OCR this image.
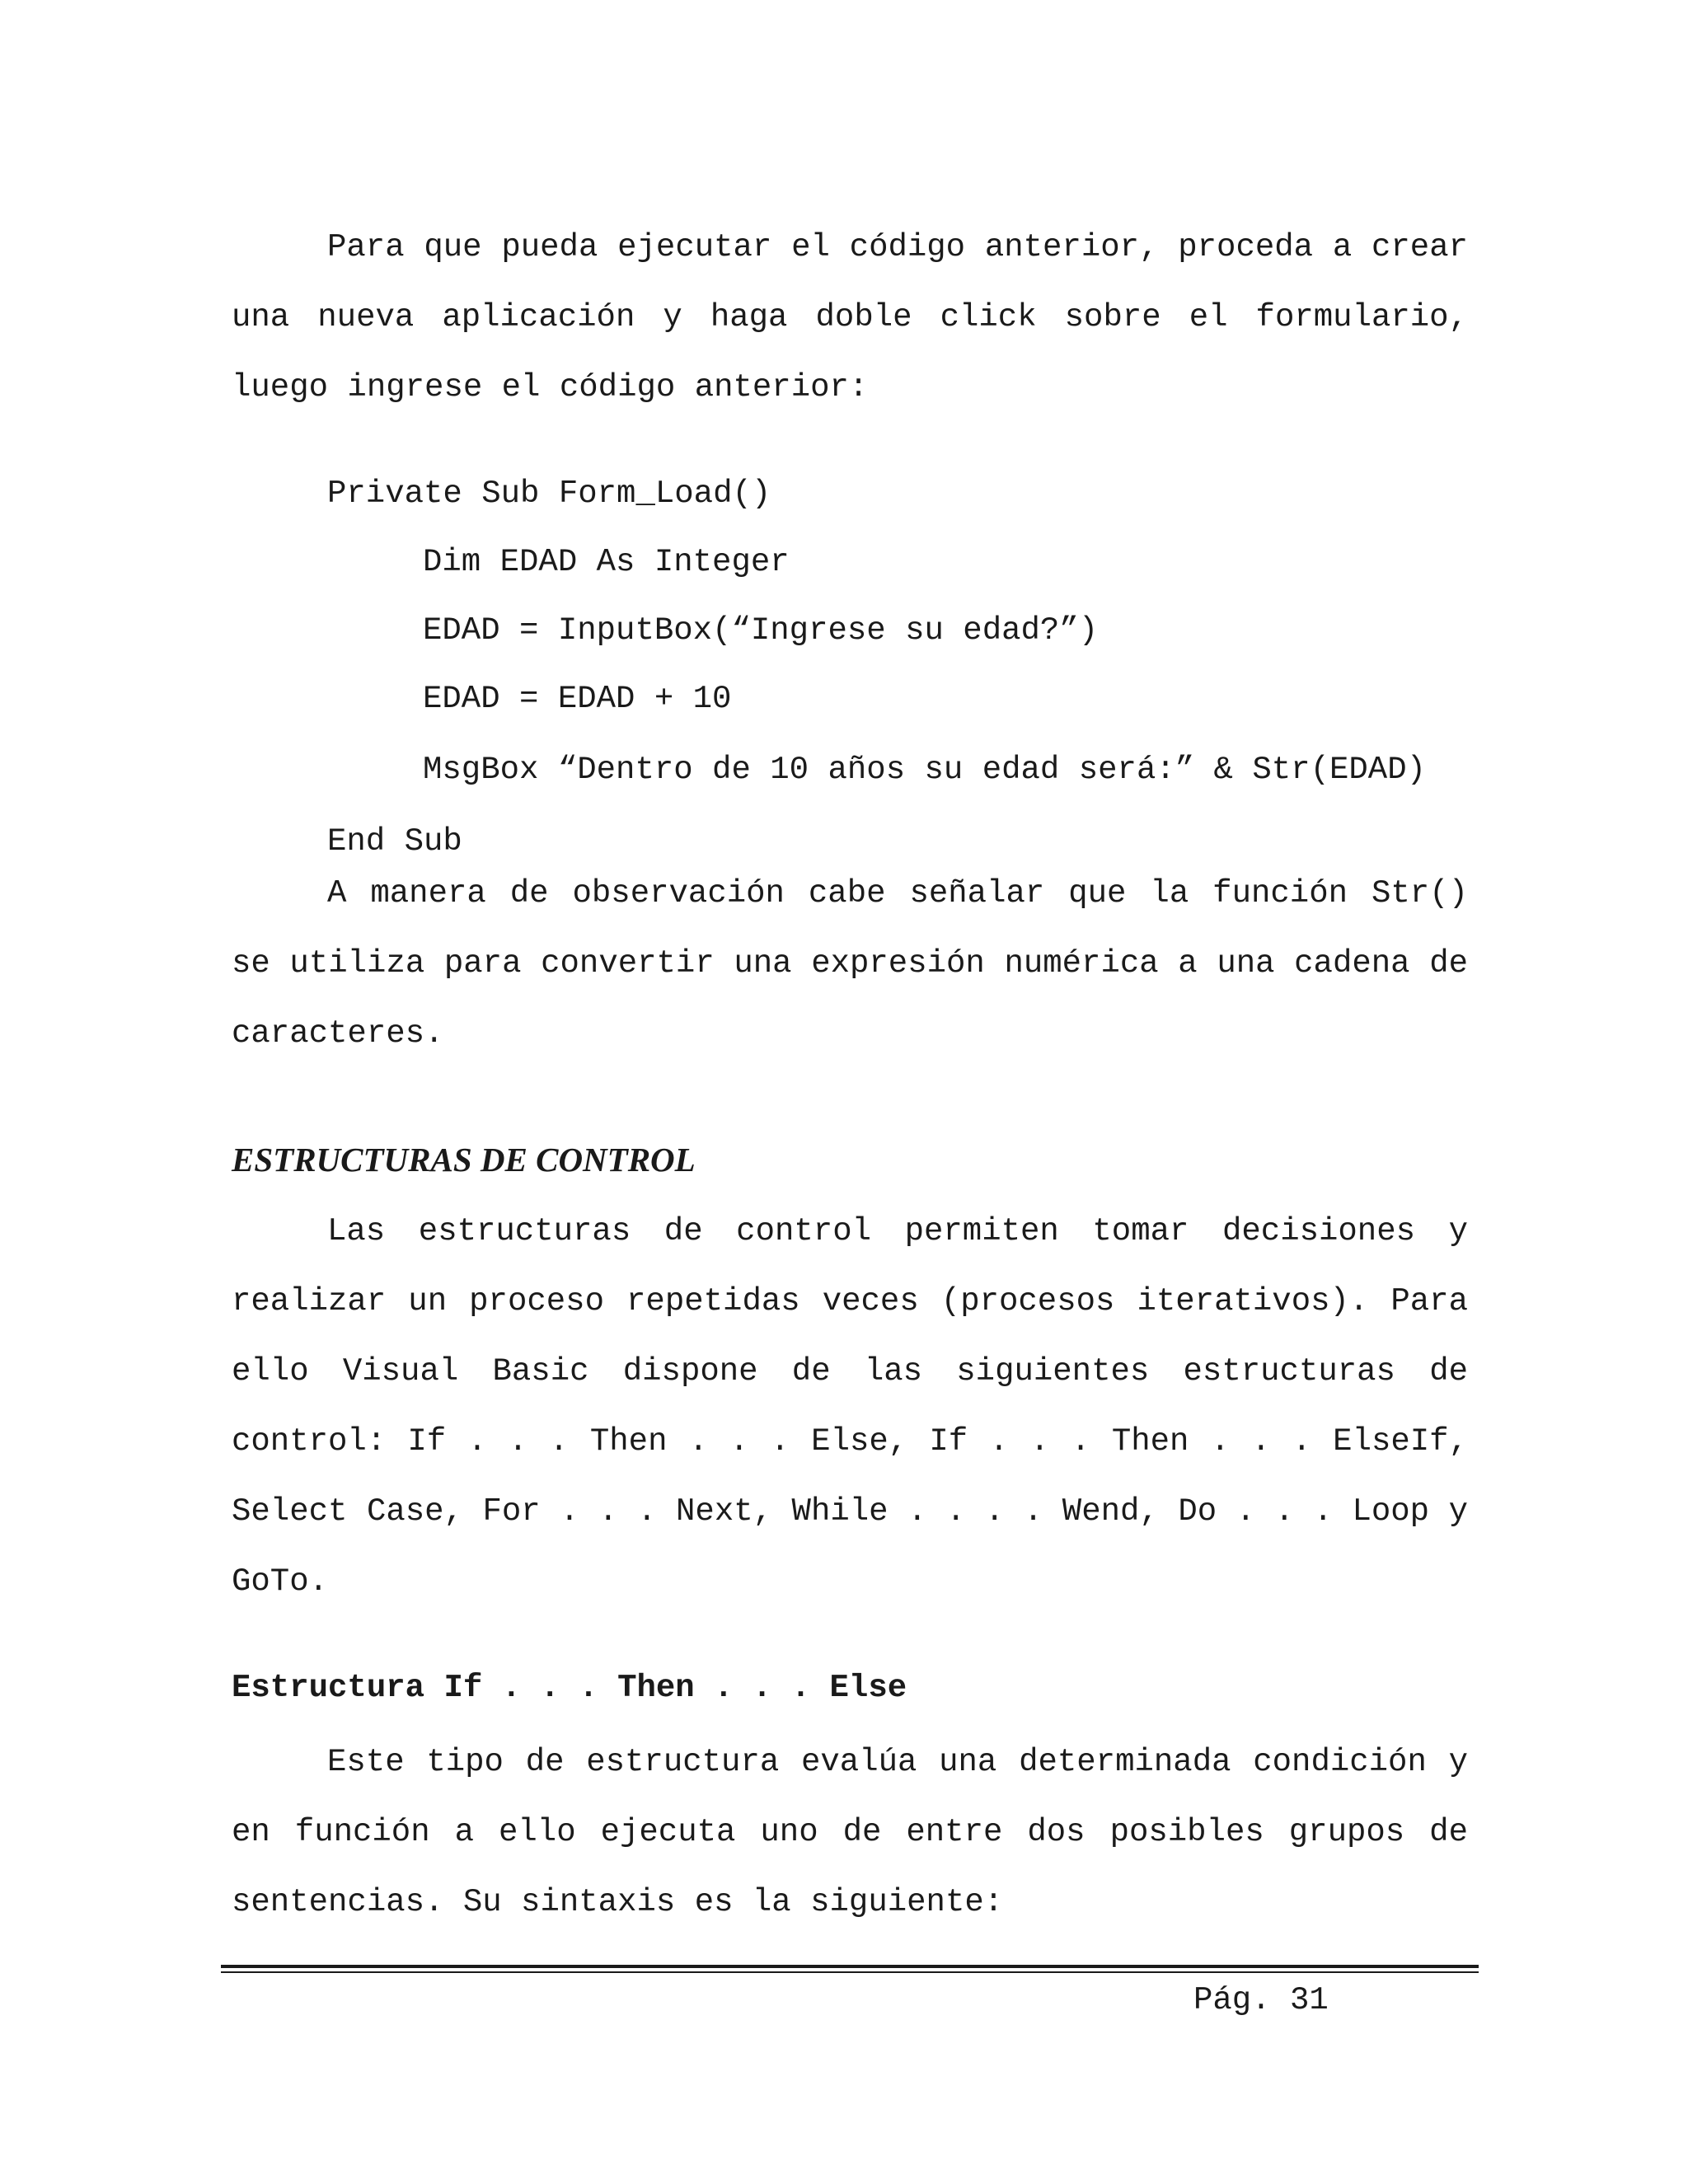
Para que pueda ejecutar el código anterior, proceda a crear una nueva aplicación y haga doble click sobre el formulario, luego ingrese el código anterior:

Private Sub Form_Load()
Dim EDAD As Integer
EDAD = InputBox(“Ingrese su edad?”)
EDAD = EDAD + 10
MsgBox “Dentro de 10 años su edad será:” & Str(EDAD)
End Sub

A manera de observación cabe señalar que la función Str() se utiliza para convertir una expresión numérica a una cadena de caracteres.

ESTRUCTURAS DE CONTROL

Las estructuras de control permiten tomar decisiones y realizar un proceso repetidas veces (procesos iterativos). Para ello Visual Basic dispone de las siguientes estructuras de control: If . . . Then . . . Else, If . . . Then . . . ElseIf, Select Case, For . . . Next, While . . . . Wend, Do . . . Loop y GoTo.

Estructura If . . . Then . . . Else

Este tipo de estructura evalúa una determinada condición y en función a ello ejecuta uno de entre dos posibles grupos de sentencias. Su sintaxis es la siguiente:

Pág. 31
